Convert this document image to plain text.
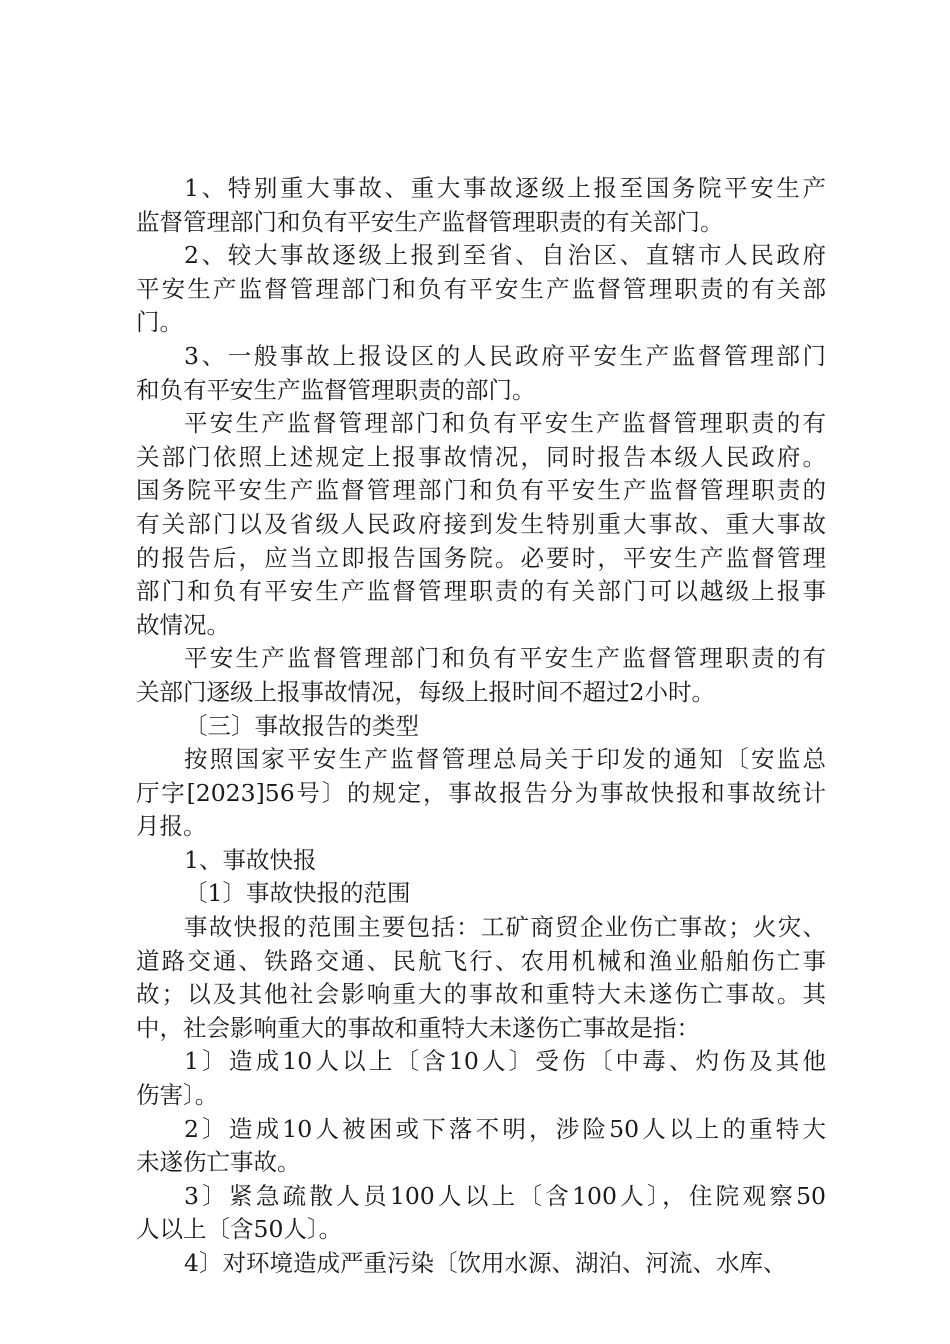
1、特别重大事故、重大事故逐级上报至国务院平安生产
监督管理部门和负有平安生产监督管理职责的有关部门。
2、较大事故逐级上报到至省、自治区、直辖市人民政府
平安生产监督管理部门和负有平安生产监督管理职责的有关部
门。
3、一般事故上报设区的人民政府平安生产监督管理部门
和负有平安生产监督管理职责的部门。
平安生产监督管理部门和负有平安生产监督管理职责的有
关部门依照上述规定上报事故情况，同时报告本级人民政府。
国务院平安生产监督管理部门和负有平安生产监督管理职责的
有关部门以及省级人民政府接到发生特别重大事故、重大事故
的报告后，应当立即报告国务院。必要时，平安生产监督管理
部门和负有平安生产监督管理职责的有关部门可以越级上报事
故情况。
平安生产监督管理部门和负有平安生产监督管理职责的有
关部门逐级上报事故情况，每级上报时间不超过2小时。
〔三〕事故报告的类型
按照国家平安生产监督管理总局关于印发的通知〔安监总
厅字[2023]56号〕的规定，事故报告分为事故快报和事故统计
月报。
1、事故快报
〔1〕事故快报的范围
事故快报的范围主要包括：工矿商贸企业伤亡事故；火灾、
道路交通、铁路交通、民航飞行、农用机械和渔业船舶伤亡事
故；以及其他社会影响重大的事故和重特大未遂伤亡事故。其
中，社会影响重大的事故和重特大未遂伤亡事故是指：
1〕造成10人以上〔含10人〕受伤〔中毒、灼伤及其他
伤害〕。
2〕造成10人被困或下落不明，涉险50人以上的重特大
未遂伤亡事故。
3〕紧急疏散人员100人以上〔含100人〕，住院观察50
人以上〔含50人〕。
4〕对环境造成严重污染〔饮用水源、湖泊、河流、水库、
